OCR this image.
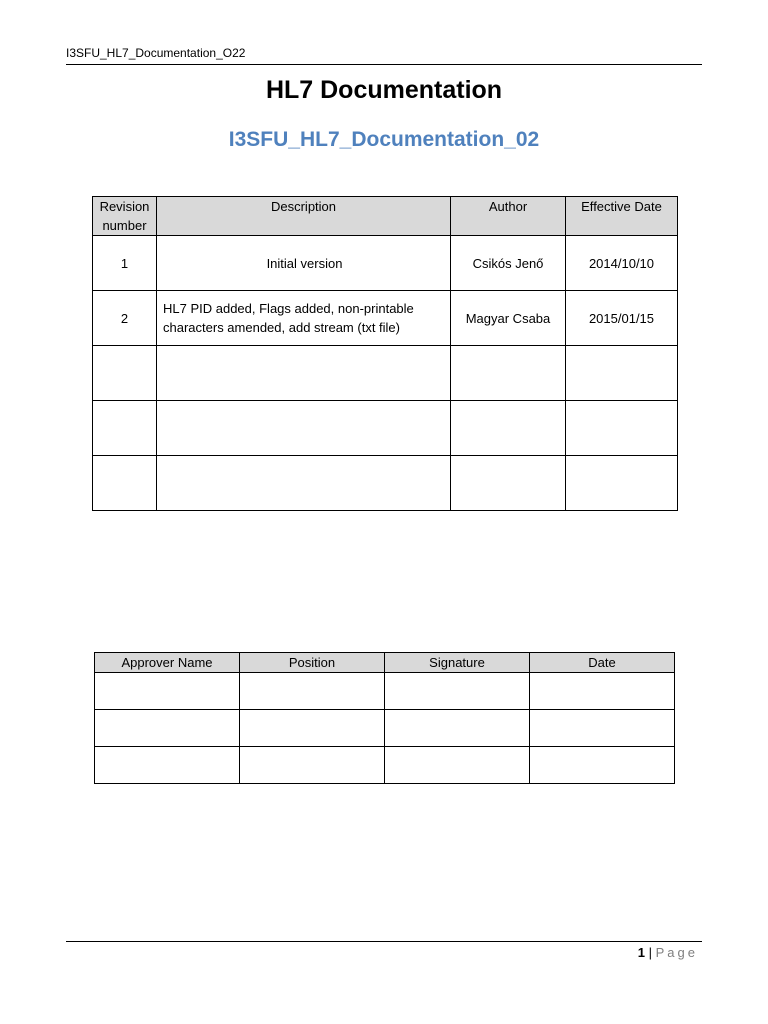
I3SFU_HL7_Documentation_O22
HL7 Documentation
I3SFU_HL7_Documentation_02
Revision number	Description	Author	Effective Date
1	Initial version	Csikós Jenő	2014/10/10
2	HL7 PID added, Flags added, non-printable characters amended, add stream (txt file)	Magyar Csaba	2015/01/15

Approver Name	Position	Signature	Date

1 | Page
